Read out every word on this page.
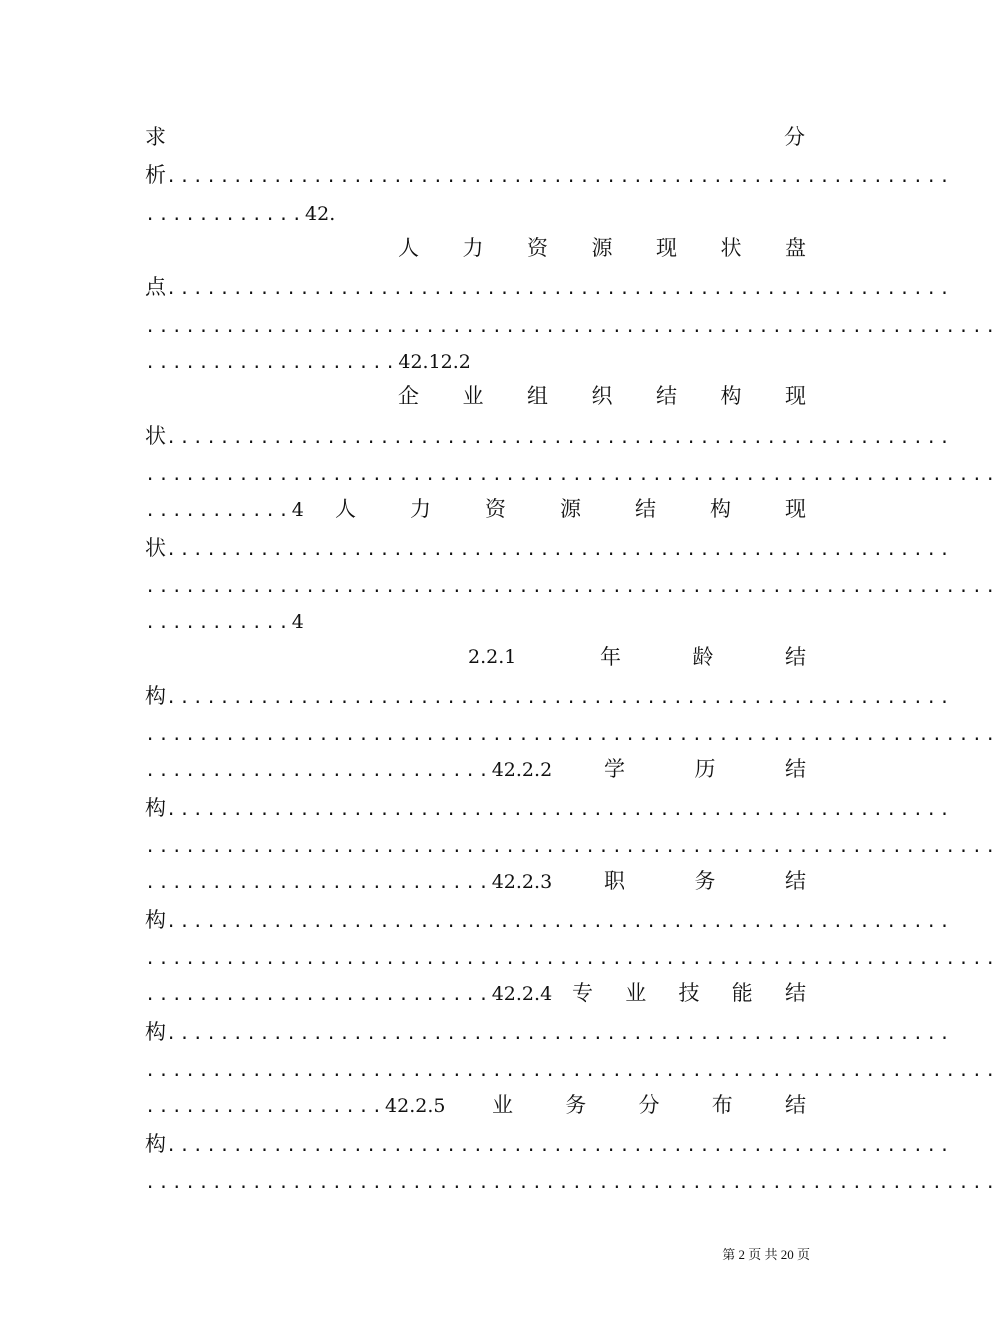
求	分
析...........................................................
............42.
人 力 资 源 现 状 盘
点...........................................................
................................................................
...................42.12.2
企 业 组 织 结 构 现
状...........................................................
................................................................
...........4	人	力	资	源	结	构	现
状...........................................................
................................................................
...........4
2.2.1	年	龄	结
构...........................................................
................................................................
..........................42.2.2	学	历	结
构...........................................................
................................................................
..........................42.2.3	职	务	结
构...........................................................
................................................................
..........................42.2.4 专 业 技 能 结
构...........................................................
................................................................
..................42.2.5	业 务 分 布 结
构...........................................................
................................................................
第 2 页 共 20 页
